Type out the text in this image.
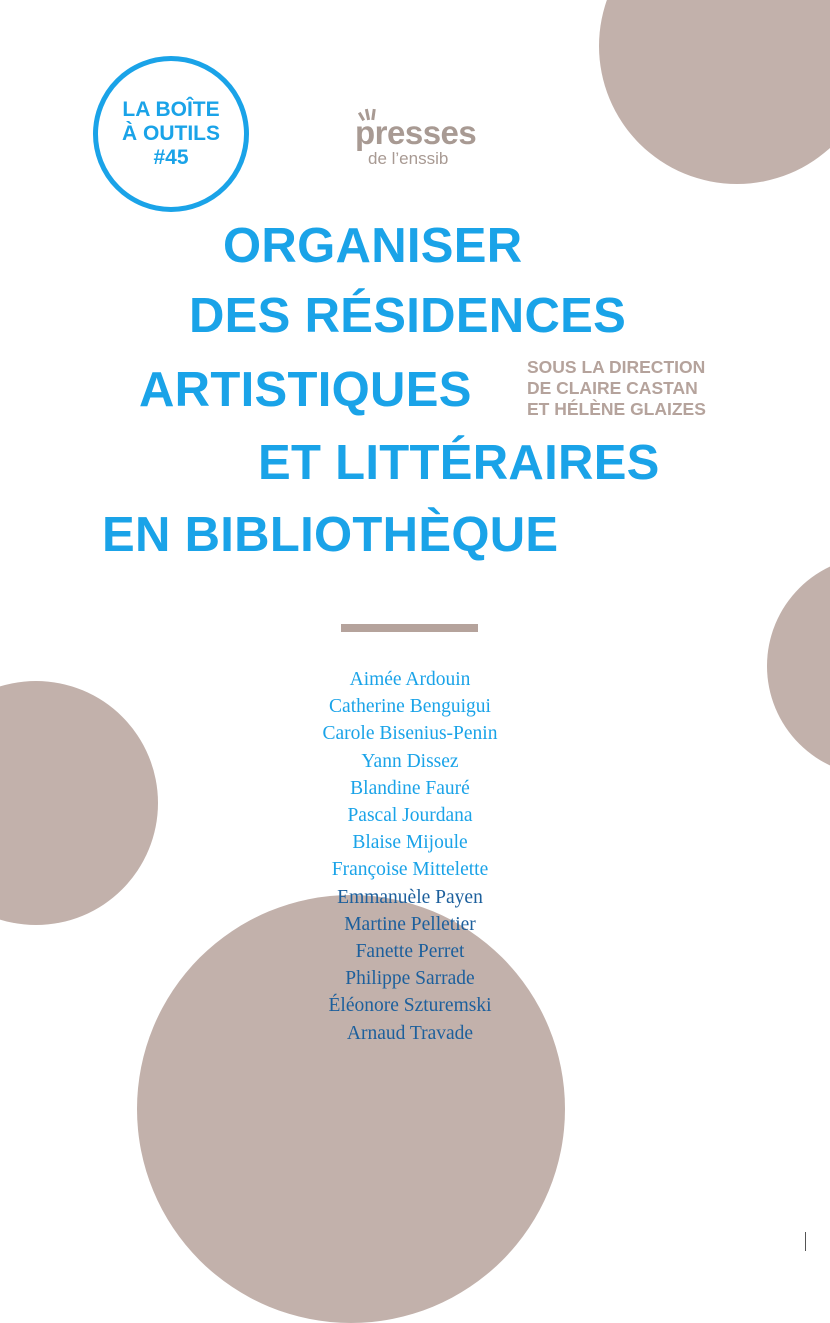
LA BOÎTE
À OUTILS
#45
presses
de l’enssib
ORGANISER
DES RÉSIDENCES
ARTISTIQUES
ET LITTÉRAIRES
EN BIBLIOTHÈQUE
SOUS LA DIRECTION
DE CLAIRE CASTAN
ET HÉLÈNE GLAIZES
Aimée Ardouin
Catherine Benguigui
Carole Bisenius-Penin
Yann Dissez
Blandine Fauré
Pascal Jourdana
Blaise Mijoule
Françoise Mittelette
Emmanuèle Payen
Martine Pelletier
Fanette Perret
Philippe Sarrade
Éléonore Szturemski
Arnaud Travade
